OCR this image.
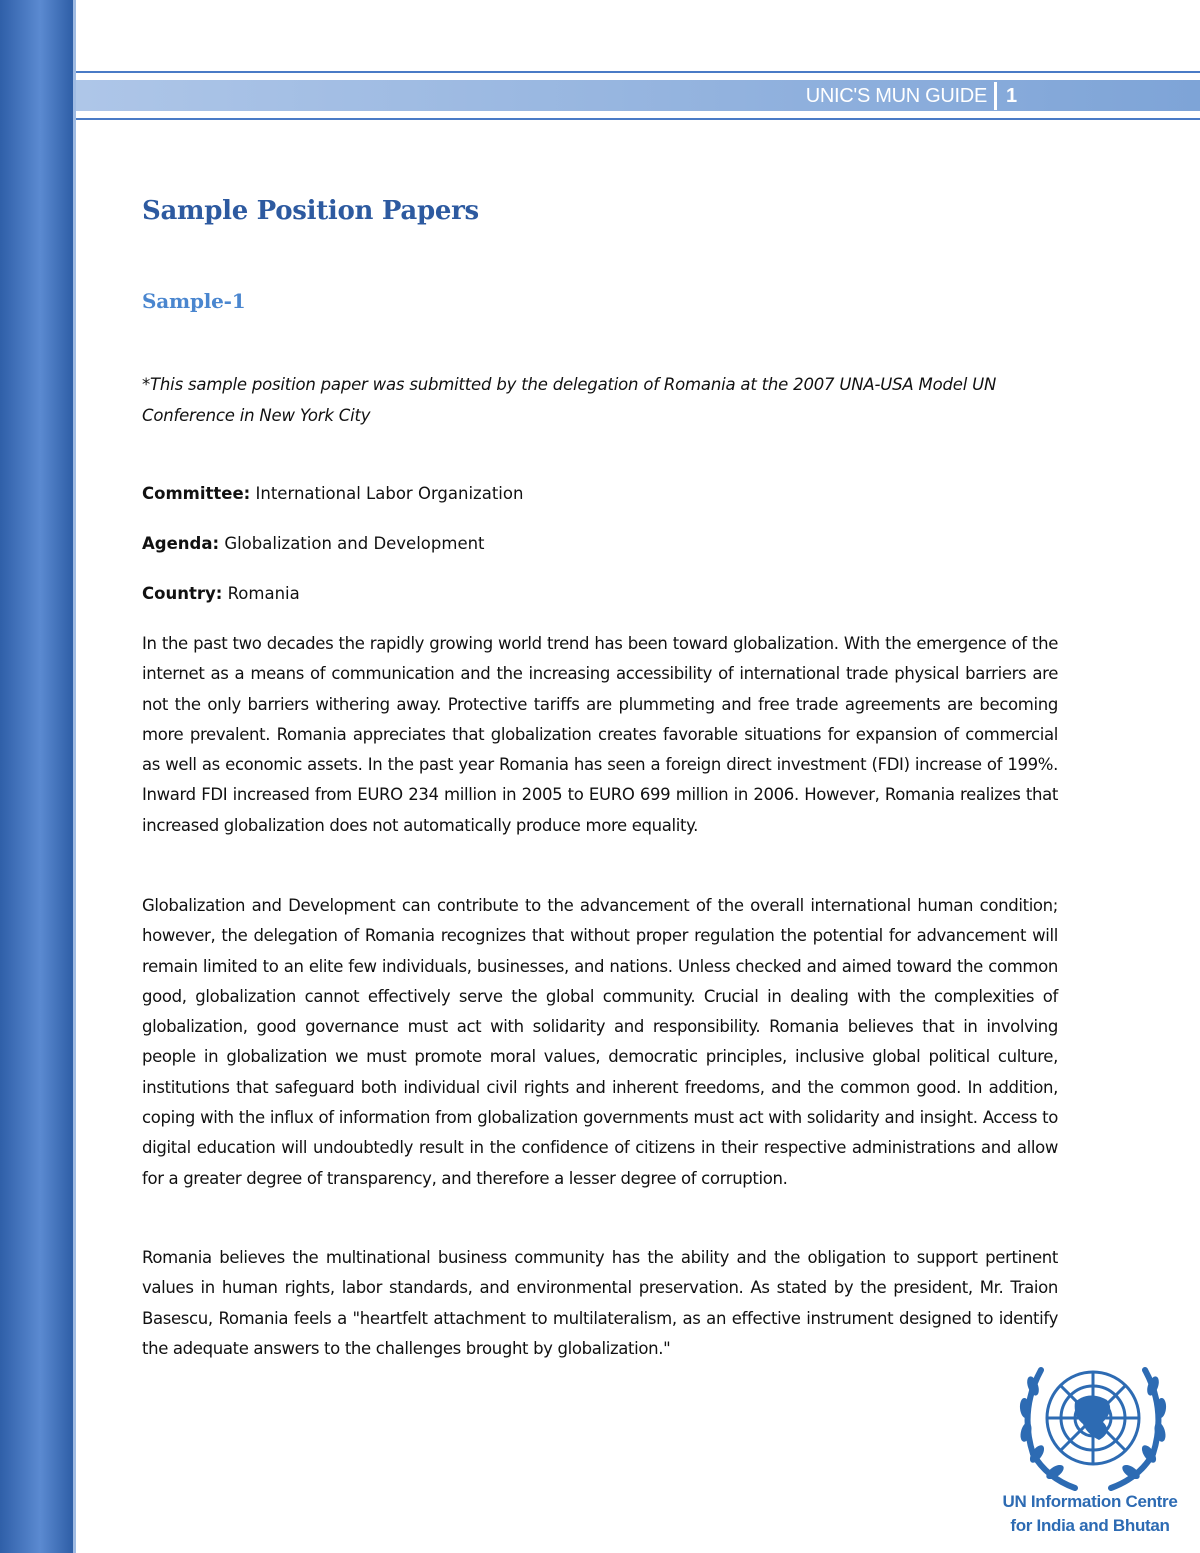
UNIC'S MUN GUIDE 1
Sample Position Papers
Sample-1

*This sample position paper was submitted by the delegation of Romania at the 2007 UNA-USA Model UN Conference in New York City

Committee: International Labor Organization

Agenda: Globalization and Development

Country: Romania

In the past two decades the rapidly growing world trend has been toward globalization. With the emergence of the internet as a means of communication and the increasing accessibility of international trade physical barriers are not the only barriers withering away. Protective tariffs are plummeting and free trade agreements are becoming more prevalent. Romania appreciates that globalization creates favorable situations for expansion of commercial as well as economic assets. In the past year Romania has seen a foreign direct investment (FDI) increase of 199%. Inward FDI increased from EURO 234 million in 2005 to EURO 699 million in 2006. However, Romania realizes that increased globalization does not automatically produce more equality.

Globalization and Development can contribute to the advancement of the overall international human condition; however, the delegation of Romania recognizes that without proper regulation the potential for advancement will remain limited to an elite few individuals, businesses, and nations. Unless checked and aimed toward the common good, globalization cannot effectively serve the global community. Crucial in dealing with the complexities of globalization, good governance must act with solidarity and responsibility. Romania believes that in involving people in globalization we must promote moral values, democratic principles, inclusive global political culture, institutions that safeguard both individual civil rights and inherent freedoms, and the common good. In addition, coping with the influx of information from globalization governments must act with solidarity and insight. Access to digital education will undoubtedly result in the confidence of citizens in their respective administrations and allow for a greater degree of transparency, and therefore a lesser degree of corruption.

Romania believes the multinational business community has the ability and the obligation to support pertinent values in human rights, labor standards, and environmental preservation. As stated by the president, Mr. Traion Basescu, Romania feels a "heartfelt attachment to multilateralism, as an effective instrument designed to identify the adequate answers to the challenges brought by globalization."

UN Information Centre
for India and Bhutan
